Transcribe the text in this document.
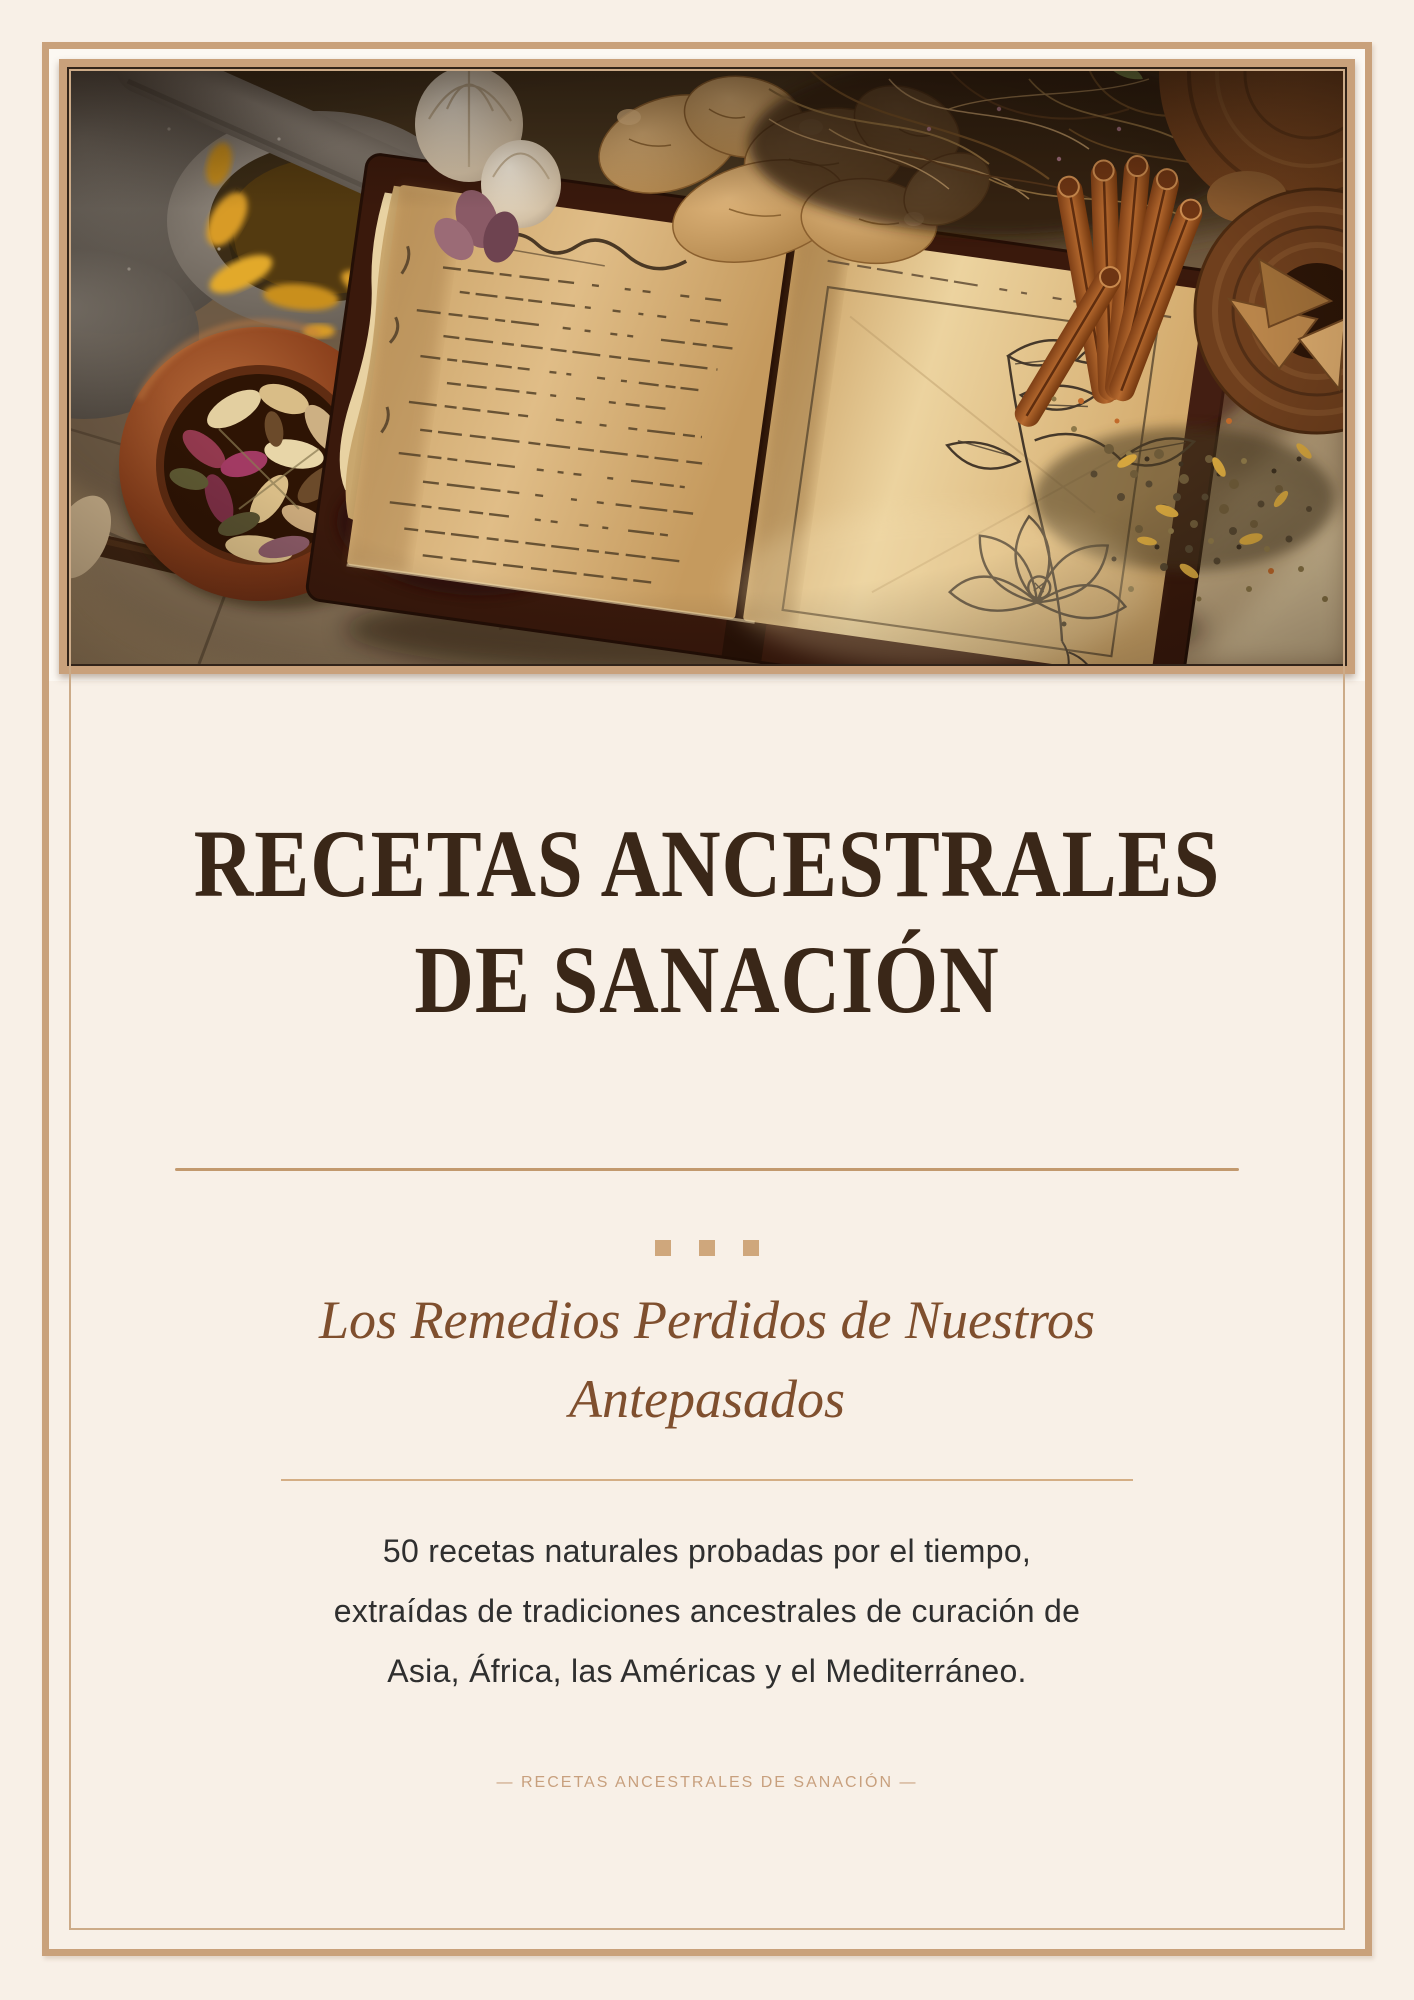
RECETAS ANCESTRALES
DE SANACIÓN
Los Remedios Perdidos de Nuestros
Antepasados

50 recetas naturales probadas por el tiempo,
extraídas de tradiciones ancestrales de curación de
Asia, África, las Américas y el Mediterráneo.

— RECETAS ANCESTRALES DE SANACIÓN —
